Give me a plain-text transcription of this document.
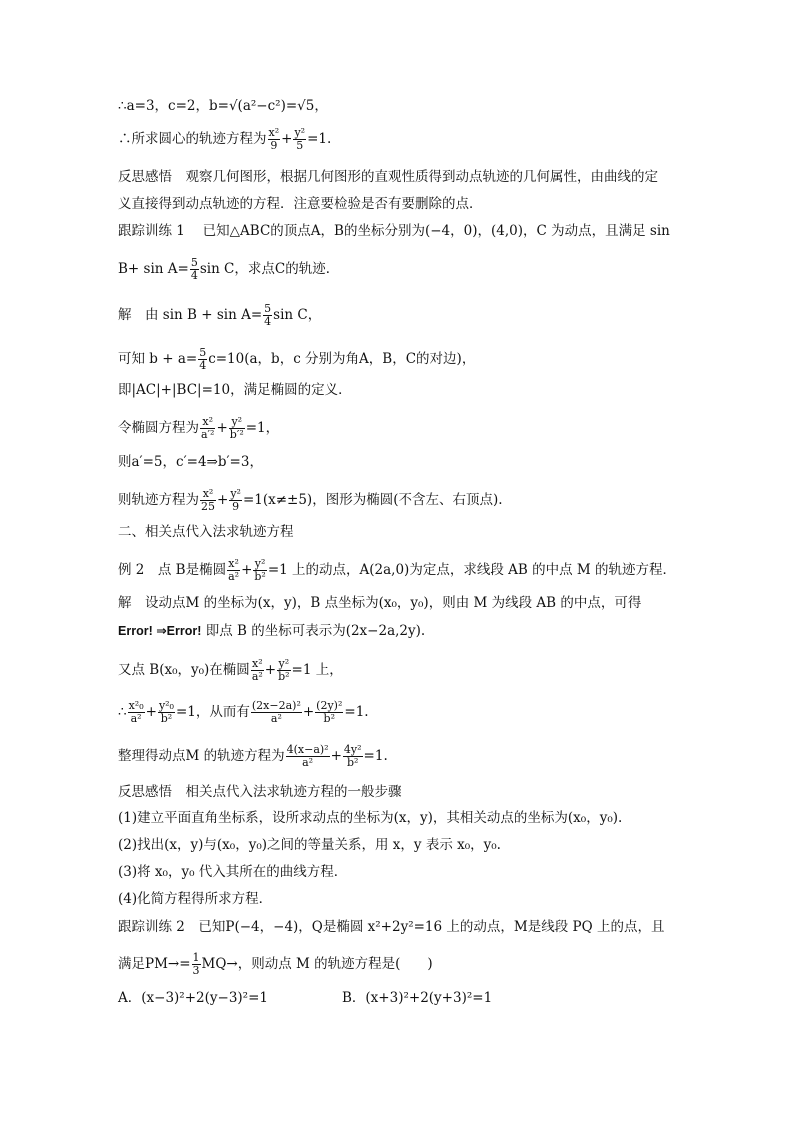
∴a=3，c=2，b=√(a²−c²)=√5，
∴所求圆心的轨迹方程为 $\frac{\text{x²}}{9} + \frac{\text{y²}}{5} =1$.
反思感悟　观察几何图形，根据几何图形的直观性质得到动点轨迹的几何属性，由曲线的定
义直接得到动点轨迹的方程．注意要检验是否有要删除的点．
跟踪训练 1　 已知△ABC的顶点A，B的坐标分别为(−4，0)，(4,0)，C 为动点，且满足 sin
$B+ \sin A= \frac{5}{4}$ sin C，求点C的轨迹．
解　由 $\sin B + \sin A= \frac{5}{4}$ sin C，
可知 $b + a= \frac{5}{4} c=10(a$，b，c 分别为角A，B，C的对边)，
即|AC|+|BC|=10，满足椭圆的定义．
令椭圆方程为 $\frac{\text{x²}}{\text{a′²}} + \frac{\text{y²}}{\text{b′²}} =1$，
则a′=5，c′=4⇒b′=3，
则轨迹方程为 $\frac{\text{x²}}{25} + \frac{\text{y²}}{9} =1(x\ne\pm 5)$，图形为椭圆(不含左、右顶点).
二、相关点代入法求轨迹方程
例 2　点 B是椭圆 $\frac{\text{x²}}{\text{a²}} + \frac{\text{y²}}{\text{b²}} =1$ 上的动点，A(2a,0)为定点，求线段 AB 的中点 M 的轨迹方程．
解　设动点M 的坐标为(x，y)，B 点坐标为(x₀，y₀)，则由 M 为线段 AB 的中点，可得
Error! ⇒Error! 即点 B 的坐标可表示为(2x−2a,2y).
又点 B(x₀，y₀)在椭圆 $\frac{\text{x²}}{\text{a²}} + \frac{\text{y²}}{\text{b²}} =1$ 上，
∴ $\frac{\text{x²₀}}{\text{a²}} + \frac{\text{y²₀}}{\text{b²}} =1$，从而有 $\frac{\text{(2x−2a)²}}{\text{a²}} + \frac{\text{(2y)²}}{\text{b²}} =1$.
整理得动点M 的轨迹方程为 $\frac{\text{4(x−a)²}}{\text{a²}} + \frac{\text{4y²}}{\text{b²}} =1$.
反思感悟　相关点代入法求轨迹方程的一般步骤
(1)建立平面直角坐标系，设所求动点的坐标为(x，y)，其相关动点的坐标为(x₀，y₀).
(2)找出(x，y)与(x₀，y₀)之间的等量关系，用 x，y 表示 x₀，y₀.
(3)将 x₀，y₀ 代入其所在的曲线方程．
(4)化简方程得所求方程．
跟踪训练 2　已知P(−4，−4)，Q是椭圆 x²+2y²=16 上的动点，M是线段 PQ 上的点，且
满足$PM\to= \frac{1}{3} MQ\to$，则动点 M 的轨迹方程是(　　)
A．(x−3)²+2(y−3)²=1	B．(x+3)²+2(y+3)²=1
